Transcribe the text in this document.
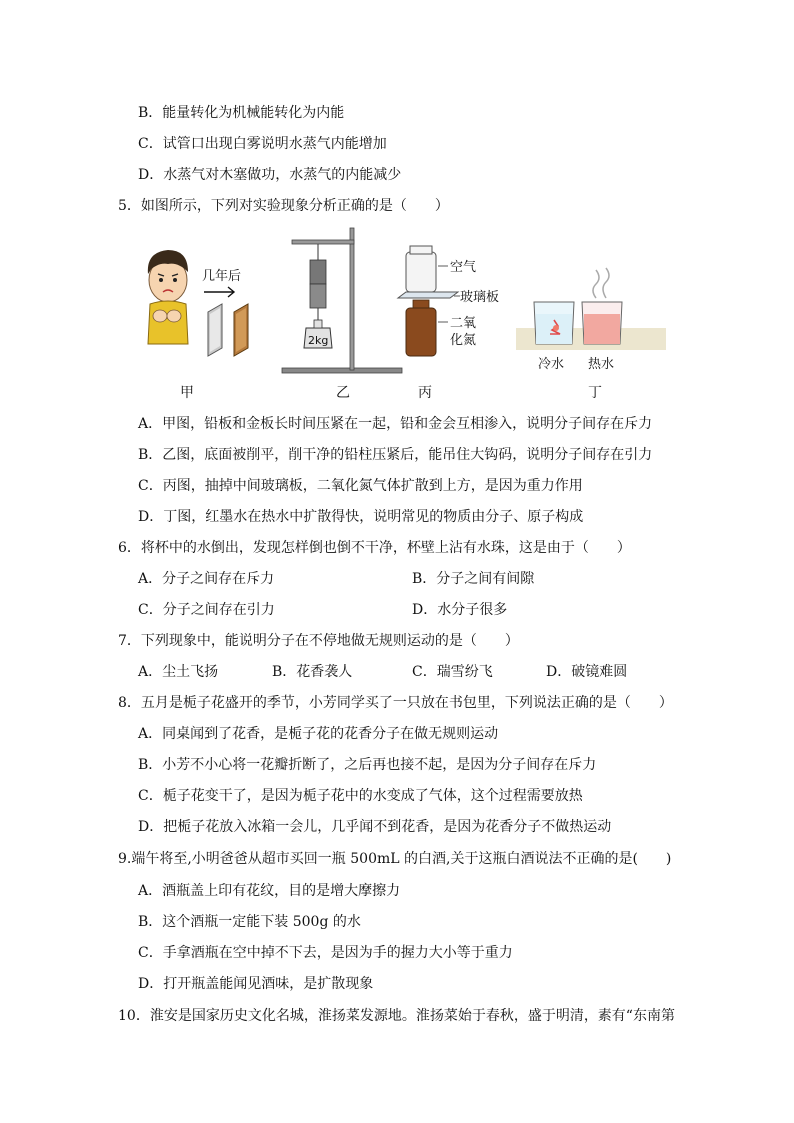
B．能量转化为机械能转化为内能
C．试管口出现白雾说明水蒸气内能增加
D．水蒸气对木塞做功，水蒸气的内能减少
5．如图所示，下列对实验现象分析正确的是（　　）
几年后
2kg
空气
玻璃板
二氧
化氮
冷水 热水
甲	乙	丙	丁
A．甲图，铅板和金板长时间压紧在一起，铅和金会互相渗入，说明分子间存在斥力
B．乙图，底面被削平，削干净的铅柱压紧后，能吊住大钩码，说明分子间存在引力
C．丙图，抽掉中间玻璃板，二氧化氮气体扩散到上方，是因为重力作用
D．丁图，红墨水在热水中扩散得快，说明常见的物质由分子、原子构成
6．将杯中的水倒出，发现怎样倒也倒不干净，杯壁上沾有水珠，这是由于（　　）
A．分子之间存在斥力	B．分子之间有间隙
C．分子之间存在引力	D．水分子很多
7．下列现象中，能说明分子在不停地做无规则运动的是（　　）
A．尘土飞扬	B．花香袭人	C．瑞雪纷飞	D．破镜难圆
8．五月是栀子花盛开的季节，小芳同学买了一只放在书包里，下列说法正确的是（　　）
A．同桌闻到了花香，是栀子花的花香分子在做无规则运动
B．小芳不小心将一花瓣折断了，之后再也接不起，是因为分子间存在斥力
C．栀子花变干了，是因为栀子花中的水变成了气体，这个过程需要放热
D．把栀子花放入冰箱一会儿，几乎闻不到花香，是因为花香分子不做热运动
9.端午将至,小明爸爸从超市买回一瓶 500mL 的白酒,关于这瓶白酒说法不正确的是(　　)
A．酒瓶盖上印有花纹，目的是增大摩擦力
B．这个酒瓶一定能下装 500g 的水
C．手拿酒瓶在空中掉不下去，是因为手的握力大小等于重力
D．打开瓶盖能闻见酒味，是扩散现象
10．淮安是国家历史文化名城，淮扬菜发源地。淮扬菜始于春秋，盛于明清，素有“东南第
